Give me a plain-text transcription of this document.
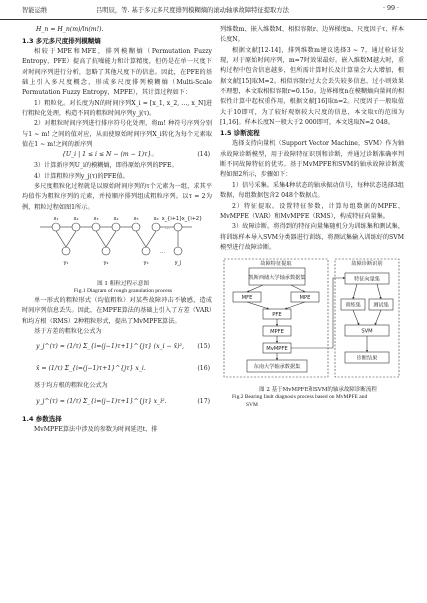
智能运维	吕明辰，等. 基于多元多尺度排列模糊熵的滚动轴承故障特征提取方法	· 99 ·
H_n = H_n(m)/ln(m!).
1.3 多元多尺度排列模糊熵

相较于MPE和MFE，排列模糊熵（Permutation Fuzzy Entropy，PFE）提高了抗噪能力和计算精度，但仍是在单一尺度下对时间序列进行分析，忽略了其他尺度下的信息。因此，在PFE的基础上引入多尺度概念，形成多尺度排列模糊熵（Multi-Scale Permutation Fuzzy Entropy，MPFE），其计算过程如下：

1）粗粒化。对长度为N的时间序列X_i = [x_1, x_2, …, x_N]进行粗粒化处理，构造不同的粗粒时间序列y_j(τ)。

2）对粗粒时间序列进行排序符号化处理，将m! 种符号序列分别与1 ~ m! 之间的值对应，从而使原始时间序列X_i转化为每个元素取值在1 ~ m!之间的新序列

{U_i | 1 ≤ i ≤ N − (m − 1)τ}。	(14)

3）计算新序列U_i的模糊熵，即得原始序列的PFE。

4）计算粗粒序列y_j(τ)的PFE值。

多尺度粗粒化过程就是以原始时间序列的τ个元素为一组，求其平均值作为粗粒序列的元素，并按顺序排列组成粗粒序列。以τ = 2为例，粗粒过程如图1所示。

x₁	x₂	x₃	x₄	x₅	x₆ x_{i+1} x_{i+2}
y₁	y₂	y₃	y_j
…
…

图 1 粗粒过程示意图

Fig.1 Diagram of rough granulation process

单一形式的粗粒形式（均值粗粒）对某些故障冲击不敏感，造成时间序列信息丢失。因此，在MPFE算法的基础上引入了方差（VAR）和均方根（RMS）2种粗粒形式，提出了MvMPFE算法。

基于方差的粗粒化公式为

y_j^(τ) = (1/τ) Σ_{i=(j−1)τ+1}^{jτ} (x_i − x̄)², (15)
x̄ = (1/τ) Σ_{i=(j−1)τ+1}^{jτ} x_i.	(16)

基于均方根的粗粒化公式为

y_j^(τ) = (1/τ) Σ_{i=(j−1)τ+1}^{jτ} x_i².	(17)
1.4 参数选择

MvMPFE算法中涉及的参数为时间延迟t、排

列维数m、嵌入维数M、相似容限r、边界梯度n、尺度因子τ、样本长度N。

根据文献[12-14]，排列维数m建议选择3 ~ 7，通过验证发现，对于原始时间序列，m=7时效果最好。嵌入维数M越大时，重构过程中包含信息越多，但所需计算时长及计算量会大大增加，根据文献[15]取M=2。相似容限r过大会丢失较多信息，过小则效果不理想，本文取相似容限r=0.15σ。边界梯度n在模糊熵向量间的相似性计算中起权重作用，根据文献[16]取n=2。尺度因子一般取值大于10即可，为了较好观察较大尺度的信息，本文取τ的范围为[1,16]。样本长度N一般大于2 000即可，本文选取N=2 048。

1.5 诊断流程

选择支持向量机（Support Vector Machine，SVM）作为轴承故障诊断模型，用于故障特征识别和诊断，并通过诊断准确率判断不同故障特征的优劣。基于MvMPFE和SVM的轴承故障诊断流程如图2所示，步骤如下：

1）信号采集。采集4种状态的轴承振动信号，每种状态选择3组数据，每组数据包含2 048个数据点。

2）特征提取。设置特征参数，计算每组数据的MPFE、MvMPFE（VAR）和MvMPFE（RMS），构成特征向量集。

3）故障诊断。将得到的特征向量集随机分为训练集和测试集，将训练样本导入SVM分类器进行训练，将测试集输入训练好的SVM模型进行故障诊断。

故障特征提取	故障诊断识别
凯斯西储大学轴承数据集
MFE	MPE
PFE
MPFE
MvMPFE
东南大学轴承数据集
特征向量集
训练集 测试集
SVM
诊断结果

图 2 基于MvMPFE和SVM的轴承故障诊断流程

Fig.2 Bearing fault diagnosis process based on MvMPFE and

SVM
